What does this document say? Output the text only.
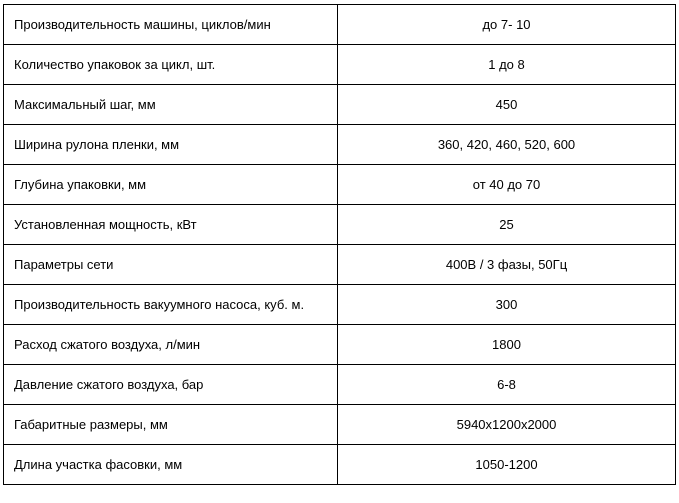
Производительность машины, циклов/мин	до 7- 10
Количество упаковок за цикл, шт.	1 до 8
Максимальный шаг, мм	450
Ширина рулона пленки, мм	360, 420, 460, 520, 600
Глубина упаковки, мм	от 40 до 70
Установленная мощность, кВт	25
Параметры сети	400В / 3 фазы, 50Гц
Производительность вакуумного насоса, куб. м.	300
Расход сжатого воздуха, л/мин	1800
Давление сжатого воздуха, бар	6-8
Габаритные размеры, мм	5940x1200x2000
Длина участка фасовки, мм	1050-1200
